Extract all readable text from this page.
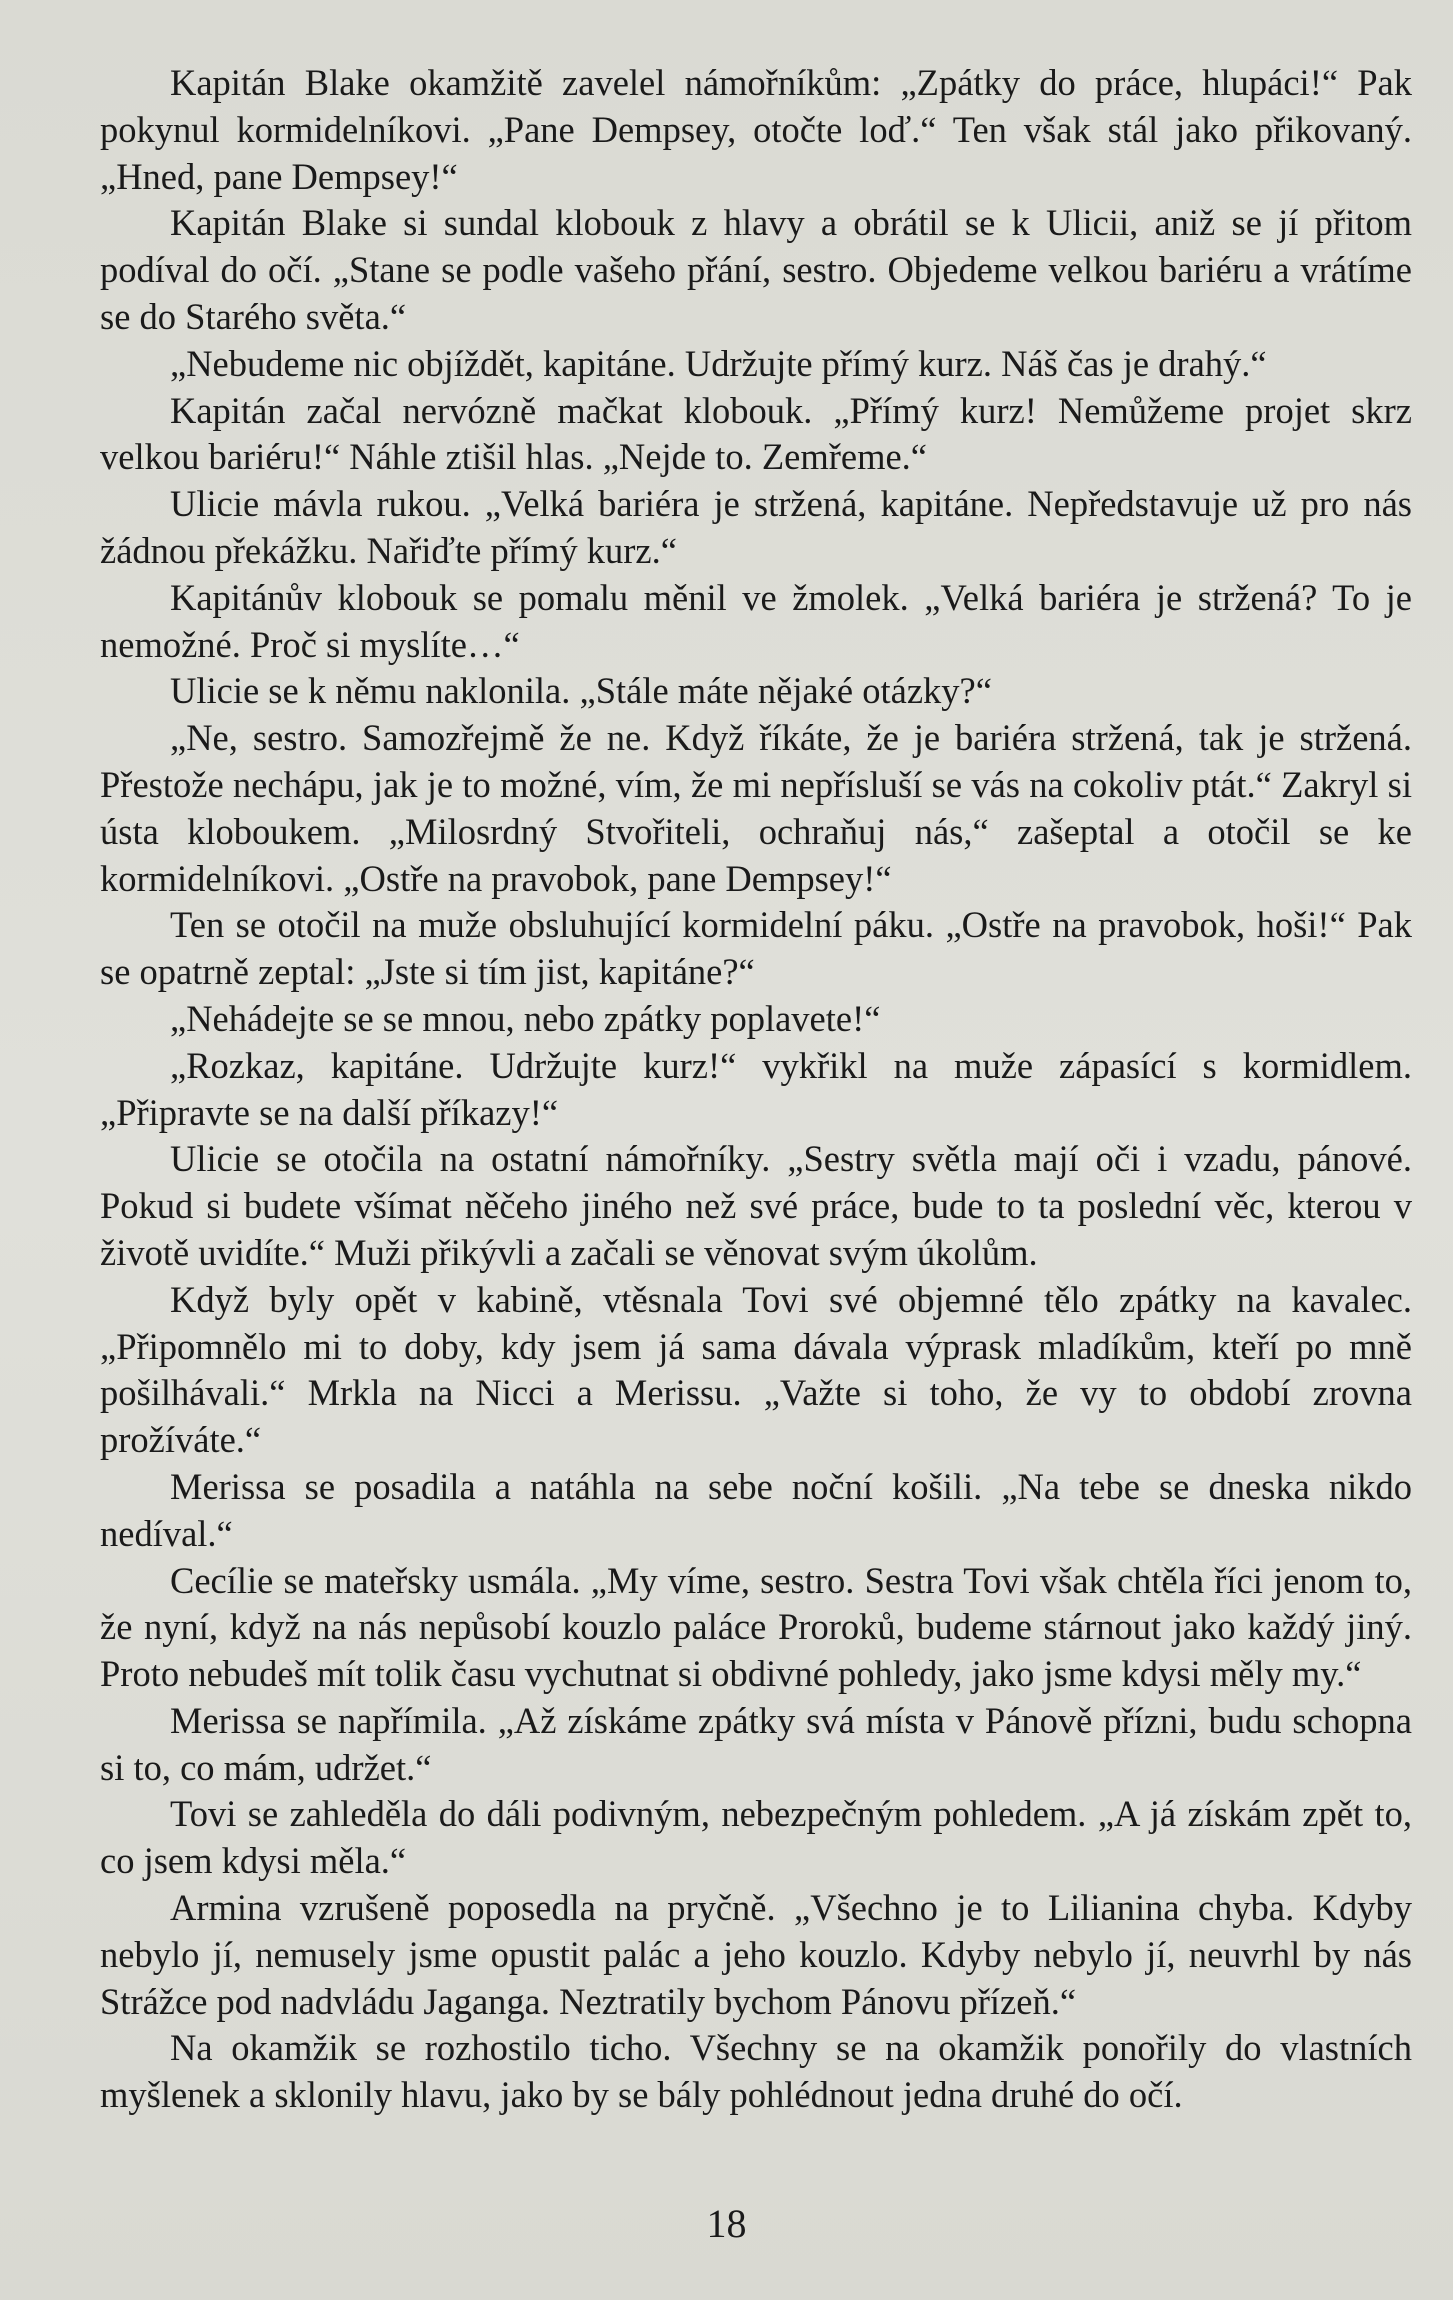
Kapitán Blake okamžitě zavelel námořníkům: „Zpátky do práce, hlupáci!“ Pak pokynul kormidelníkovi. „Pane Dempsey, otočte loď.“ Ten však stál jako přikovaný. „Hned, pane Dempsey!“

Kapitán Blake si sundal klobouk z hlavy a obrátil se k Ulicii, aniž se jí přitom podíval do očí. „Stane se podle vašeho přání, sestro. Objedeme velkou bariéru a vrátíme se do Starého světa.“

„Nebudeme nic objíždět, kapitáne. Udržujte přímý kurz. Náš čas je drahý.“

Kapitán začal nervózně mačkat klobouk. „Přímý kurz! Nemůžeme projet skrz velkou bariéru!“ Náhle ztišil hlas. „Nejde to. Zemřeme.“

Ulicie mávla rukou. „Velká bariéra je stržená, kapitáne. Nepředstavuje už pro nás žádnou překážku. Nařiďte přímý kurz.“

Kapitánův klobouk se pomalu měnil ve žmolek. „Velká bariéra je stržená? To je nemožné. Proč si myslíte…“

Ulicie se k němu naklonila. „Stále máte nějaké otázky?“

„Ne, sestro. Samozřejmě že ne. Když říkáte, že je bariéra stržená, tak je stržená. Přestože nechápu, jak je to možné, vím, že mi nepřísluší se vás na cokoliv ptát.“ Zakryl si ústa kloboukem. „Milosrdný Stvořiteli, ochraňuj nás,“ zašeptal a otočil se ke kormidelníkovi. „Ostře na pravobok, pane Dempsey!“

Ten se otočil na muže obsluhující kormidelní páku. „Ostře na pravobok, hoši!“ Pak se opatrně zeptal: „Jste si tím jist, kapitáne?“

„Nehádejte se se mnou, nebo zpátky poplavete!“

„Rozkaz, kapitáne. Udržujte kurz!“ vykřikl na muže zápasící s kormidlem. „Připravte se na další příkazy!“

Ulicie se otočila na ostatní námořníky. „Sestry světla mají oči i vzadu, pánové. Pokud si budete všímat něčeho jiného než své práce, bude to ta poslední věc, kterou v životě uvidíte.“ Muži přikývli a začali se věnovat svým úkolům.

Když byly opět v kabině, vtěsnala Tovi své objemné tělo zpátky na kavalec. „Připomnělo mi to doby, kdy jsem já sama dávala výprask mladíkům, kteří po mně pošilhávali.“ Mrkla na Nicci a Merissu. „Važte si toho, že vy to období zrovna prožíváte.“

Merissa se posadila a natáhla na sebe noční košili. „Na tebe se dneska nikdo nedíval.“

Cecílie se mateřsky usmála. „My víme, sestro. Sestra Tovi však chtěla říci jenom to, že nyní, když na nás nepůsobí kouzlo paláce Proroků, budeme stárnout jako každý jiný. Proto nebudeš mít tolik času vychutnat si obdivné pohledy, jako jsme kdysi měly my.“

Merissa se napřímila. „Až získáme zpátky svá místa v Pánově přízni, budu schopna si to, co mám, udržet.“

Tovi se zahleděla do dáli podivným, nebezpečným pohledem. „A já získám zpět to, co jsem kdysi měla.“

Armina vzrušeně poposedla na pryčně. „Všechno je to Lilianina chyba. Kdyby nebylo jí, nemusely jsme opustit palác a jeho kouzlo. Kdyby nebylo jí, neuvrhl by nás Strážce pod nadvládu Jaganga. Neztratily bychom Pánovu přízeň.“

Na okamžik se rozhostilo ticho. Všechny se na okamžik ponořily do vlastních myšlenek a sklonily hlavu, jako by se bály pohlédnout jedna druhé do očí.

18
